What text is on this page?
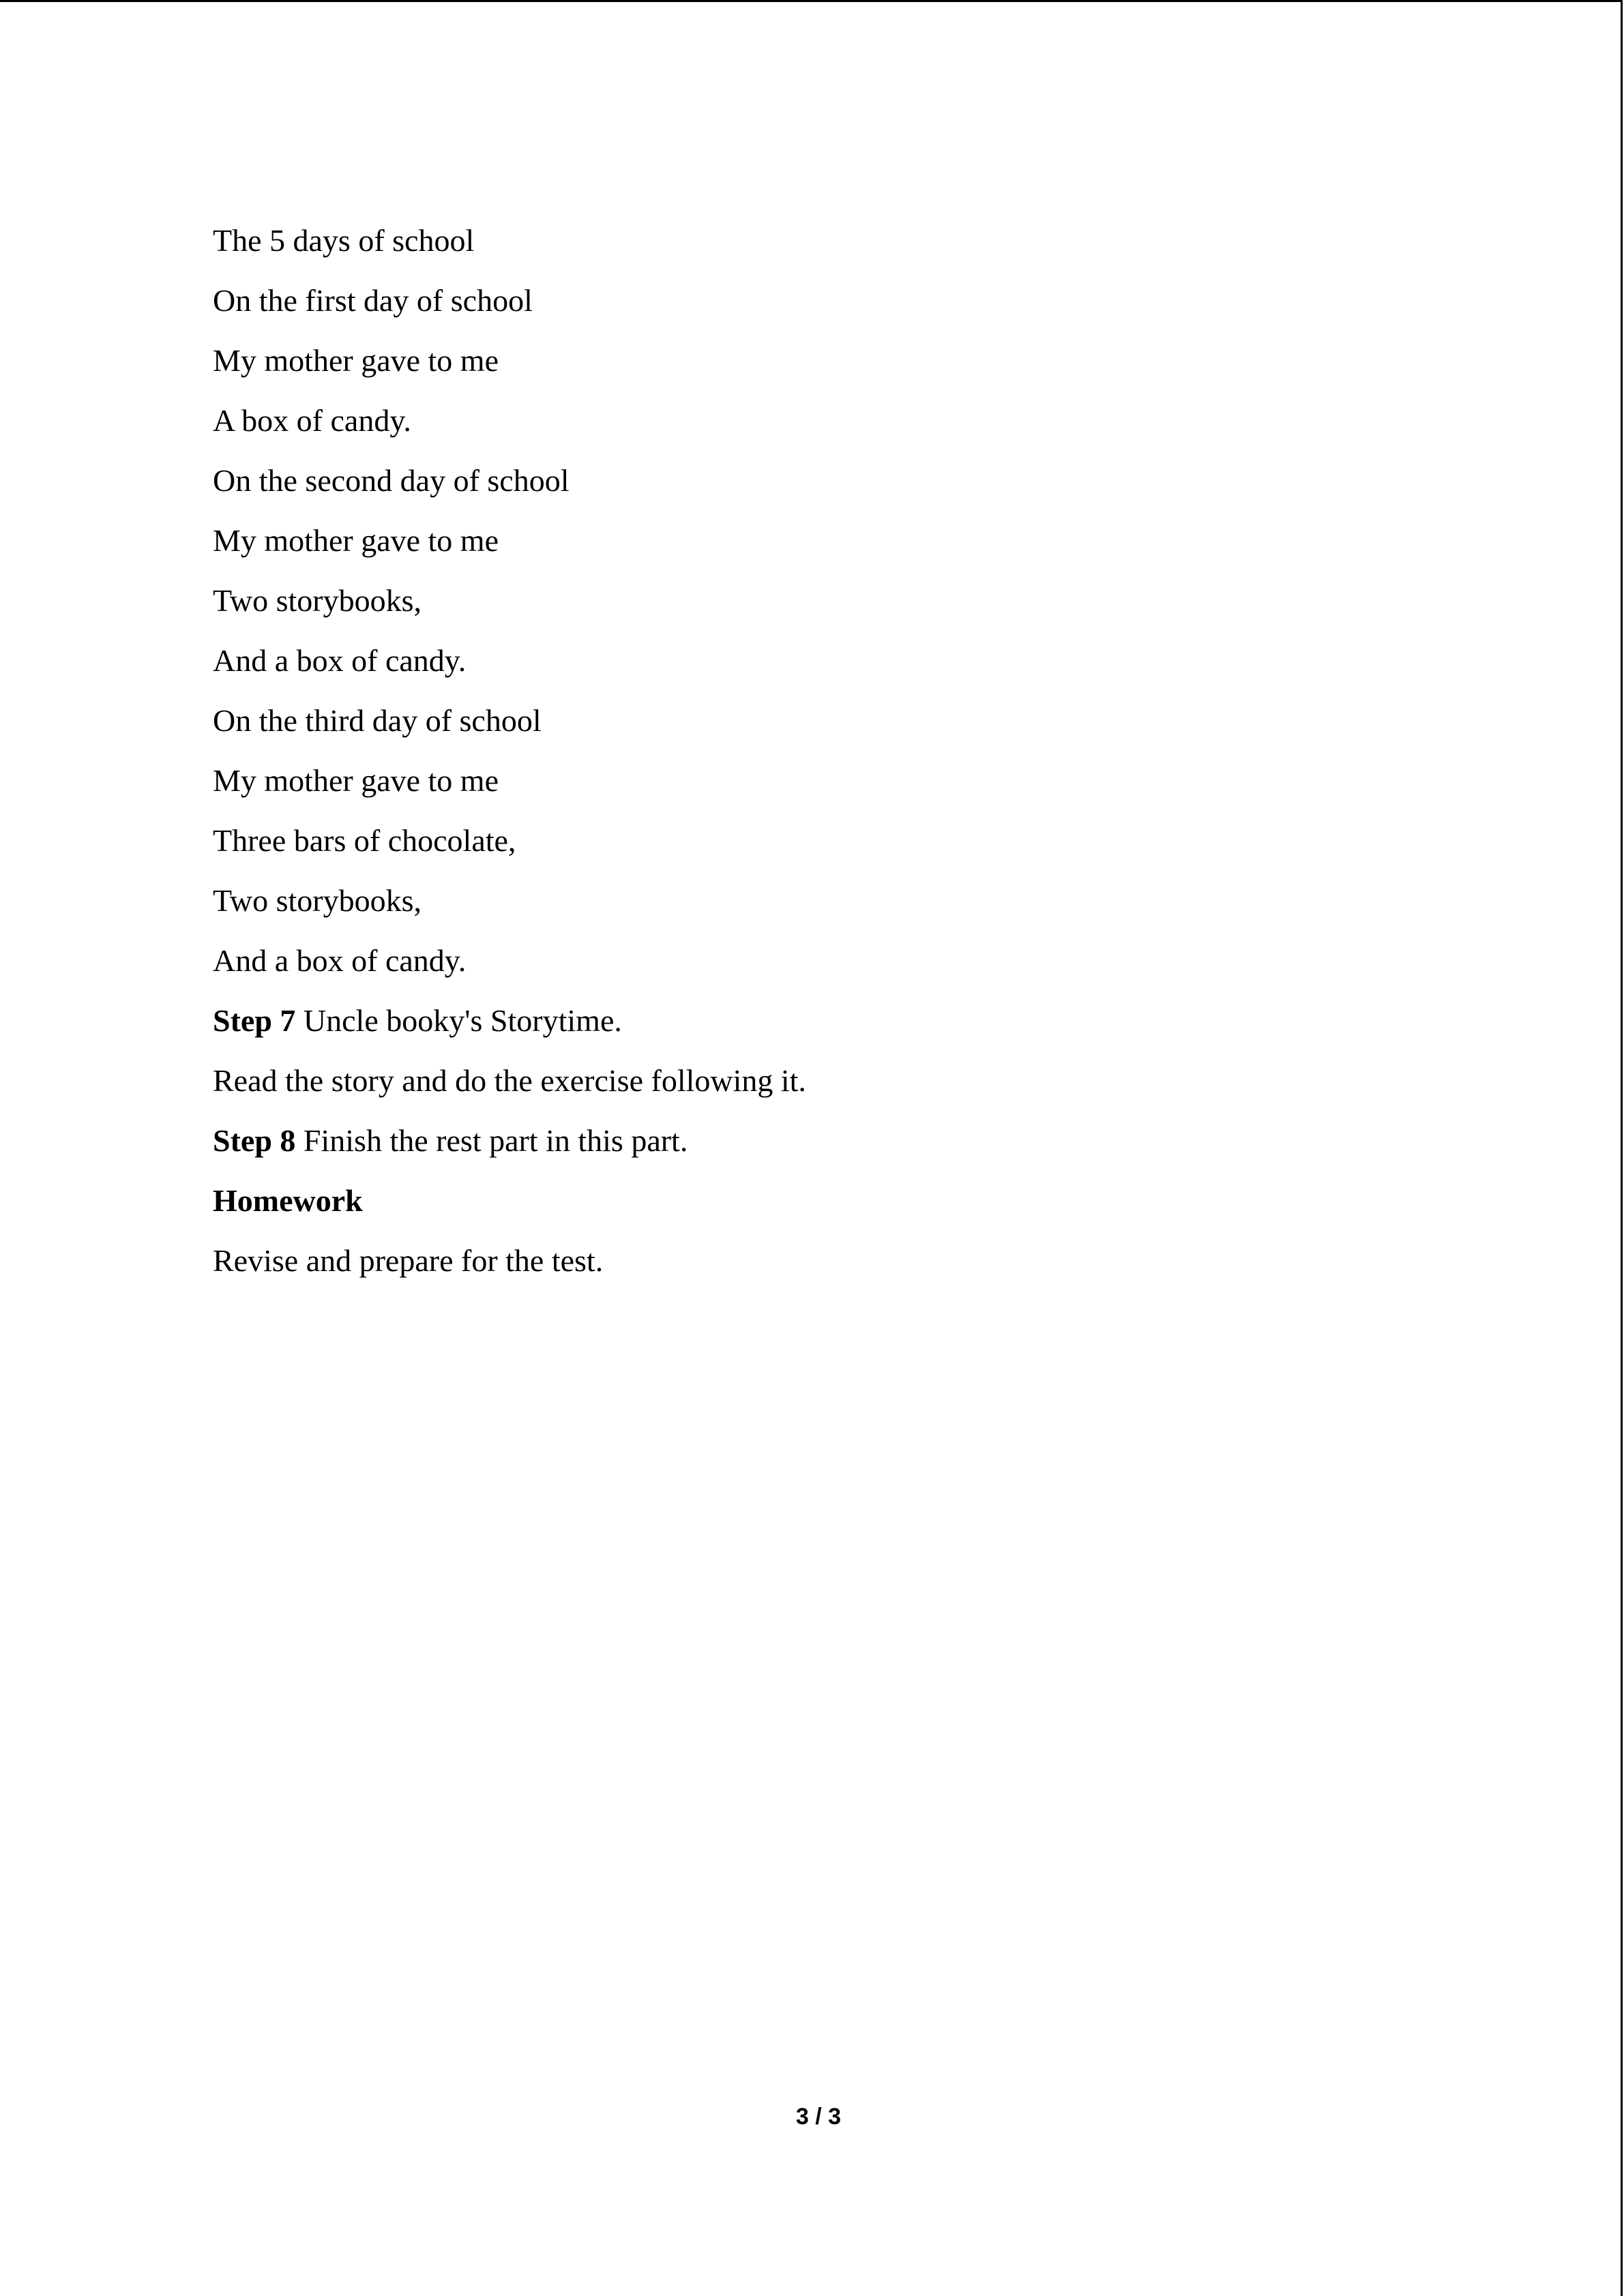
The 5 days of school
On the first day of school
My mother gave to me
A box of candy.
On the second day of school
My mother gave to me
Two storybooks,
And a box of candy.
On the third day of school
My mother gave to me
Three bars of chocolate,
Two storybooks,
And a box of candy.
Step 7 Uncle booky's Storytime.
Read the story and do the exercise following it.
Step 8 Finish the rest part in this part.
Homework
Revise and prepare for the test.
3 / 3
